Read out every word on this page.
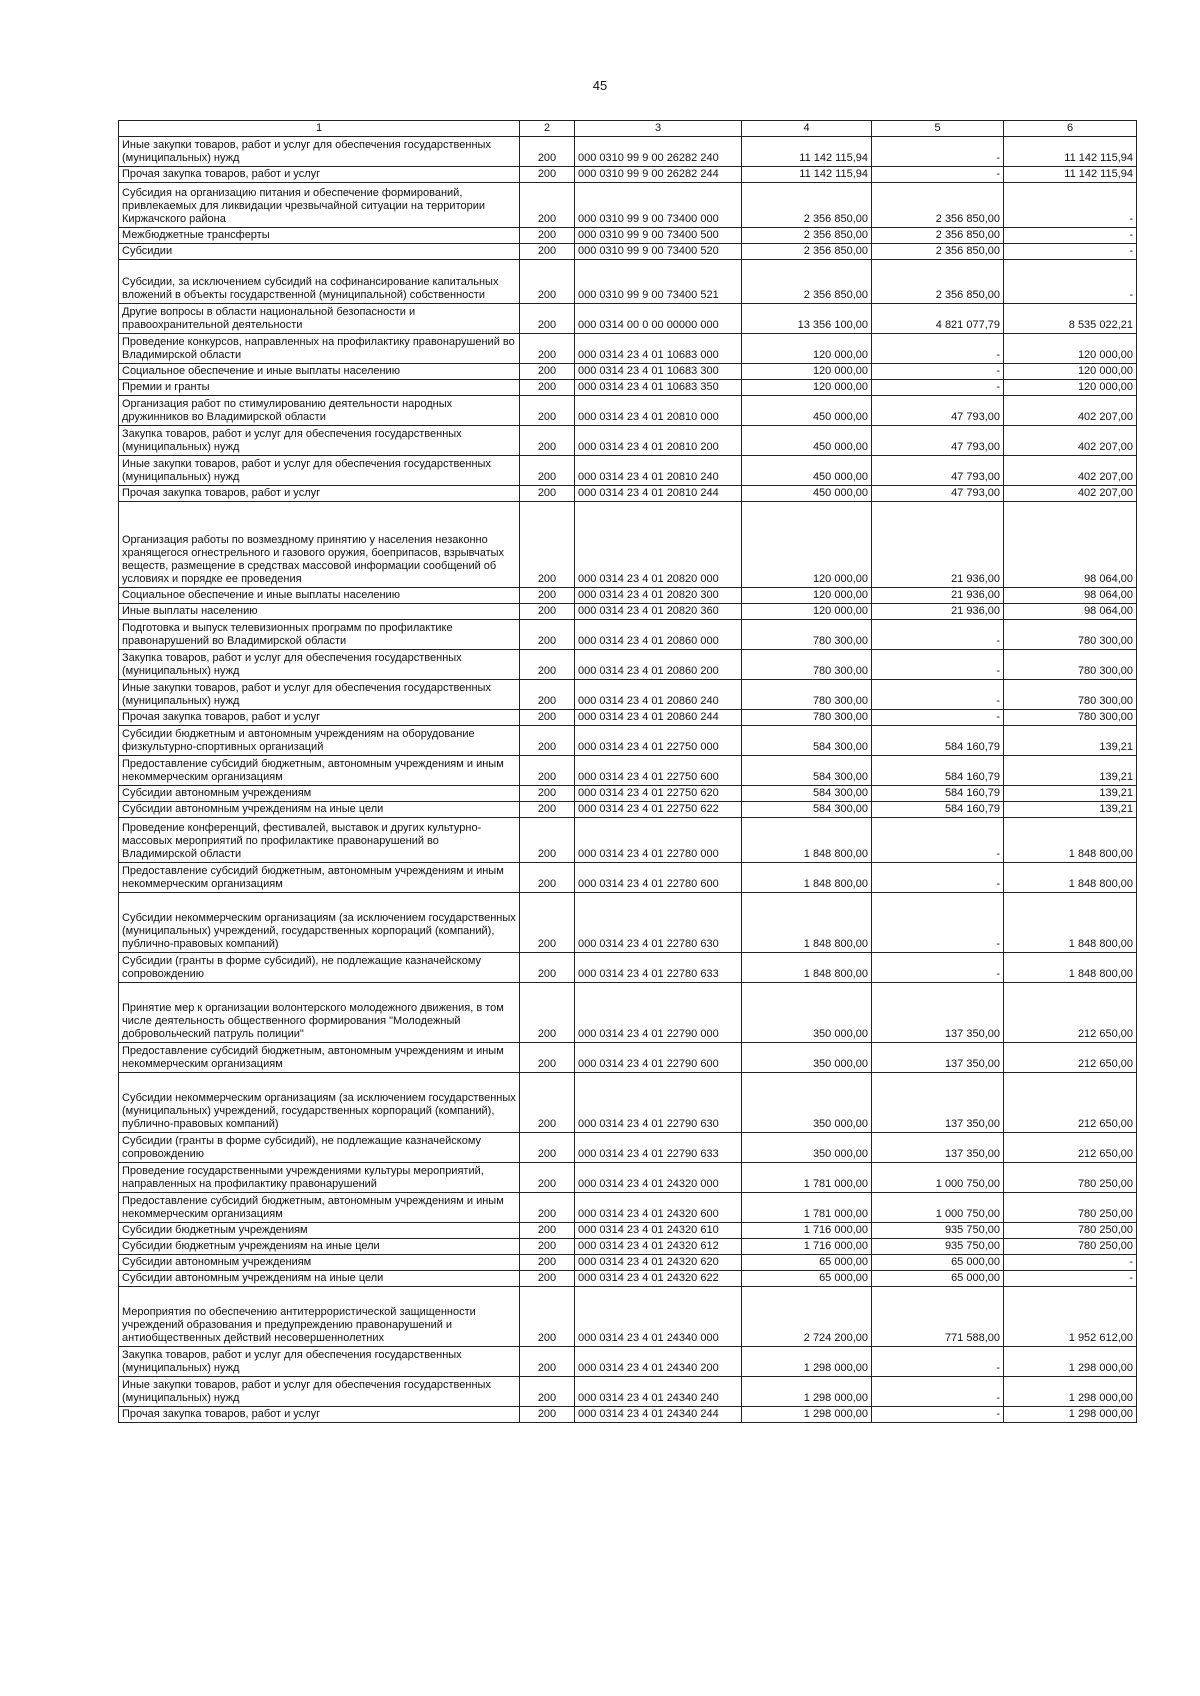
45
1	2	3	4	5	6
Иные закупки товаров, работ и услуг для обеспечения государственных (муниципальных) нужд	200	000 0310 99 9 00 26282 240	11 142 115,94	-	11 142 115,94
Прочая закупка товаров, работ и услуг	200	000 0310 99 9 00 26282 244	11 142 115,94	-	11 142 115,94
Субсидия на организацию питания и обеспечение формирований, привлекаемых для ликвидации чрезвычайной ситуации на территории Киржачского района	200	000 0310 99 9 00 73400 000	2 356 850,00	2 356 850,00	-
Межбюджетные трансферты	200	000 0310 99 9 00 73400 500	2 356 850,00	2 356 850,00	-
Субсидии	200	000 0310 99 9 00 73400 520	2 356 850,00	2 356 850,00	-
Субсидии, за исключением субсидий на софинансирование капитальных вложений в объекты государственной (муниципальной) собственности	200	000 0310 99 9 00 73400 521	2 356 850,00	2 356 850,00	-
Другие вопросы в области национальной безопасности и правоохранительной деятельности	200	000 0314 00 0 00 00000 000	13 356 100,00	4 821 077,79	8 535 022,21
Проведение конкурсов, направленных на профилактику правонарушений во Владимирской области	200	000 0314 23 4 01 10683 000	120 000,00	-	120 000,00
Социальное обеспечение и иные выплаты населению	200	000 0314 23 4 01 10683 300	120 000,00	-	120 000,00
Премии и гранты	200	000 0314 23 4 01 10683 350	120 000,00	-	120 000,00
Организация работ по стимулированию деятельности народных дружинников во Владимирской области	200	000 0314 23 4 01 20810 000	450 000,00	47 793,00	402 207,00
Закупка товаров, работ и услуг для обеспечения государственных (муниципальных) нужд	200	000 0314 23 4 01 20810 200	450 000,00	47 793,00	402 207,00
Иные закупки товаров, работ и услуг для обеспечения государственных (муниципальных) нужд	200	000 0314 23 4 01 20810 240	450 000,00	47 793,00	402 207,00
Прочая закупка товаров, работ и услуг	200	000 0314 23 4 01 20810 244	450 000,00	47 793,00	402 207,00
Организация работы по возмездному принятию у населения незаконно хранящегося огнестрельного и газового оружия, боеприпасов, взрывчатых веществ, размещение в средствах массовой информации сообщений об условиях и порядке ее проведения	200	000 0314 23 4 01 20820 000	120 000,00	21 936,00	98 064,00
Социальное обеспечение и иные выплаты населению	200	000 0314 23 4 01 20820 300	120 000,00	21 936,00	98 064,00
Иные выплаты населению	200	000 0314 23 4 01 20820 360	120 000,00	21 936,00	98 064,00
Подготовка и выпуск телевизионных программ по профилактике правонарушений во Владимирской области	200	000 0314 23 4 01 20860 000	780 300,00	-	780 300,00
Закупка товаров, работ и услуг для обеспечения государственных (муниципальных) нужд	200	000 0314 23 4 01 20860 200	780 300,00	-	780 300,00
Иные закупки товаров, работ и услуг для обеспечения государственных (муниципальных) нужд	200	000 0314 23 4 01 20860 240	780 300,00	-	780 300,00
Прочая закупка товаров, работ и услуг	200	000 0314 23 4 01 20860 244	780 300,00	-	780 300,00
Субсидии бюджетным и автономным учреждениям на оборудование физкультурно-спортивных организаций	200	000 0314 23 4 01 22750 000	584 300,00	584 160,79	139,21
Предоставление субсидий бюджетным, автономным учреждениям и иным некоммерческим организациям	200	000 0314 23 4 01 22750 600	584 300,00	584 160,79	139,21
Субсидии автономным учреждениям	200	000 0314 23 4 01 22750 620	584 300,00	584 160,79	139,21
Субсидии автономным учреждениям на иные цели	200	000 0314 23 4 01 22750 622	584 300,00	584 160,79	139,21
Проведение конференций, фестивалей, выставок и других культурно-массовых мероприятий по профилактике правонарушений во Владимирской области	200	000 0314 23 4 01 22780 000	1 848 800,00	-	1 848 800,00
Предоставление субсидий бюджетным, автономным учреждениям и иным некоммерческим организациям	200	000 0314 23 4 01 22780 600	1 848 800,00	-	1 848 800,00
Субсидии некоммерческим организациям (за исключением государственных (муниципальных) учреждений, государственных корпораций (компаний), публично-правовых компаний)	200	000 0314 23 4 01 22780 630	1 848 800,00	-	1 848 800,00
Субсидии (гранты в форме субсидий), не подлежащие казначейскому сопровождению	200	000 0314 23 4 01 22780 633	1 848 800,00	-	1 848 800,00
Принятие мер к организации волонтерского молодежного движения, в том числе деятельность общественного формирования "Молодежный добровольческий патруль полиции"	200	000 0314 23 4 01 22790 000	350 000,00	137 350,00	212 650,00
Предоставление субсидий бюджетным, автономным учреждениям и иным некоммерческим организациям	200	000 0314 23 4 01 22790 600	350 000,00	137 350,00	212 650,00
Субсидии некоммерческим организациям (за исключением государственных (муниципальных) учреждений, государственных корпораций (компаний), публично-правовых компаний)	200	000 0314 23 4 01 22790 630	350 000,00	137 350,00	212 650,00
Субсидии (гранты в форме субсидий), не подлежащие казначейскому сопровождению	200	000 0314 23 4 01 22790 633	350 000,00	137 350,00	212 650,00
Проведение государственными учреждениями культуры мероприятий, направленных на профилактику правонарушений	200	000 0314 23 4 01 24320 000	1 781 000,00	1 000 750,00	780 250,00
Предоставление субсидий бюджетным, автономным учреждениям и иным некоммерческим организациям	200	000 0314 23 4 01 24320 600	1 781 000,00	1 000 750,00	780 250,00
Субсидии бюджетным учреждениям	200	000 0314 23 4 01 24320 610	1 716 000,00	935 750,00	780 250,00
Субсидии бюджетным учреждениям на иные цели	200	000 0314 23 4 01 24320 612	1 716 000,00	935 750,00	780 250,00
Субсидии автономным учреждениям	200	000 0314 23 4 01 24320 620	65 000,00	65 000,00	-
Субсидии автономным учреждениям на иные цели	200	000 0314 23 4 01 24320 622	65 000,00	65 000,00	-
Мероприятия по обеспечению антитеррористической защищенности учреждений образования и предупреждению правонарушений и антиобщественных действий несовершеннолетних	200	000 0314 23 4 01 24340 000	2 724 200,00	771 588,00	1 952 612,00
Закупка товаров, работ и услуг для обеспечения государственных (муниципальных) нужд	200	000 0314 23 4 01 24340 200	1 298 000,00	-	1 298 000,00
Иные закупки товаров, работ и услуг для обеспечения государственных (муниципальных) нужд	200	000 0314 23 4 01 24340 240	1 298 000,00	-	1 298 000,00
Прочая закупка товаров, работ и услуг	200	000 0314 23 4 01 24340 244	1 298 000,00	-	1 298 000,00
